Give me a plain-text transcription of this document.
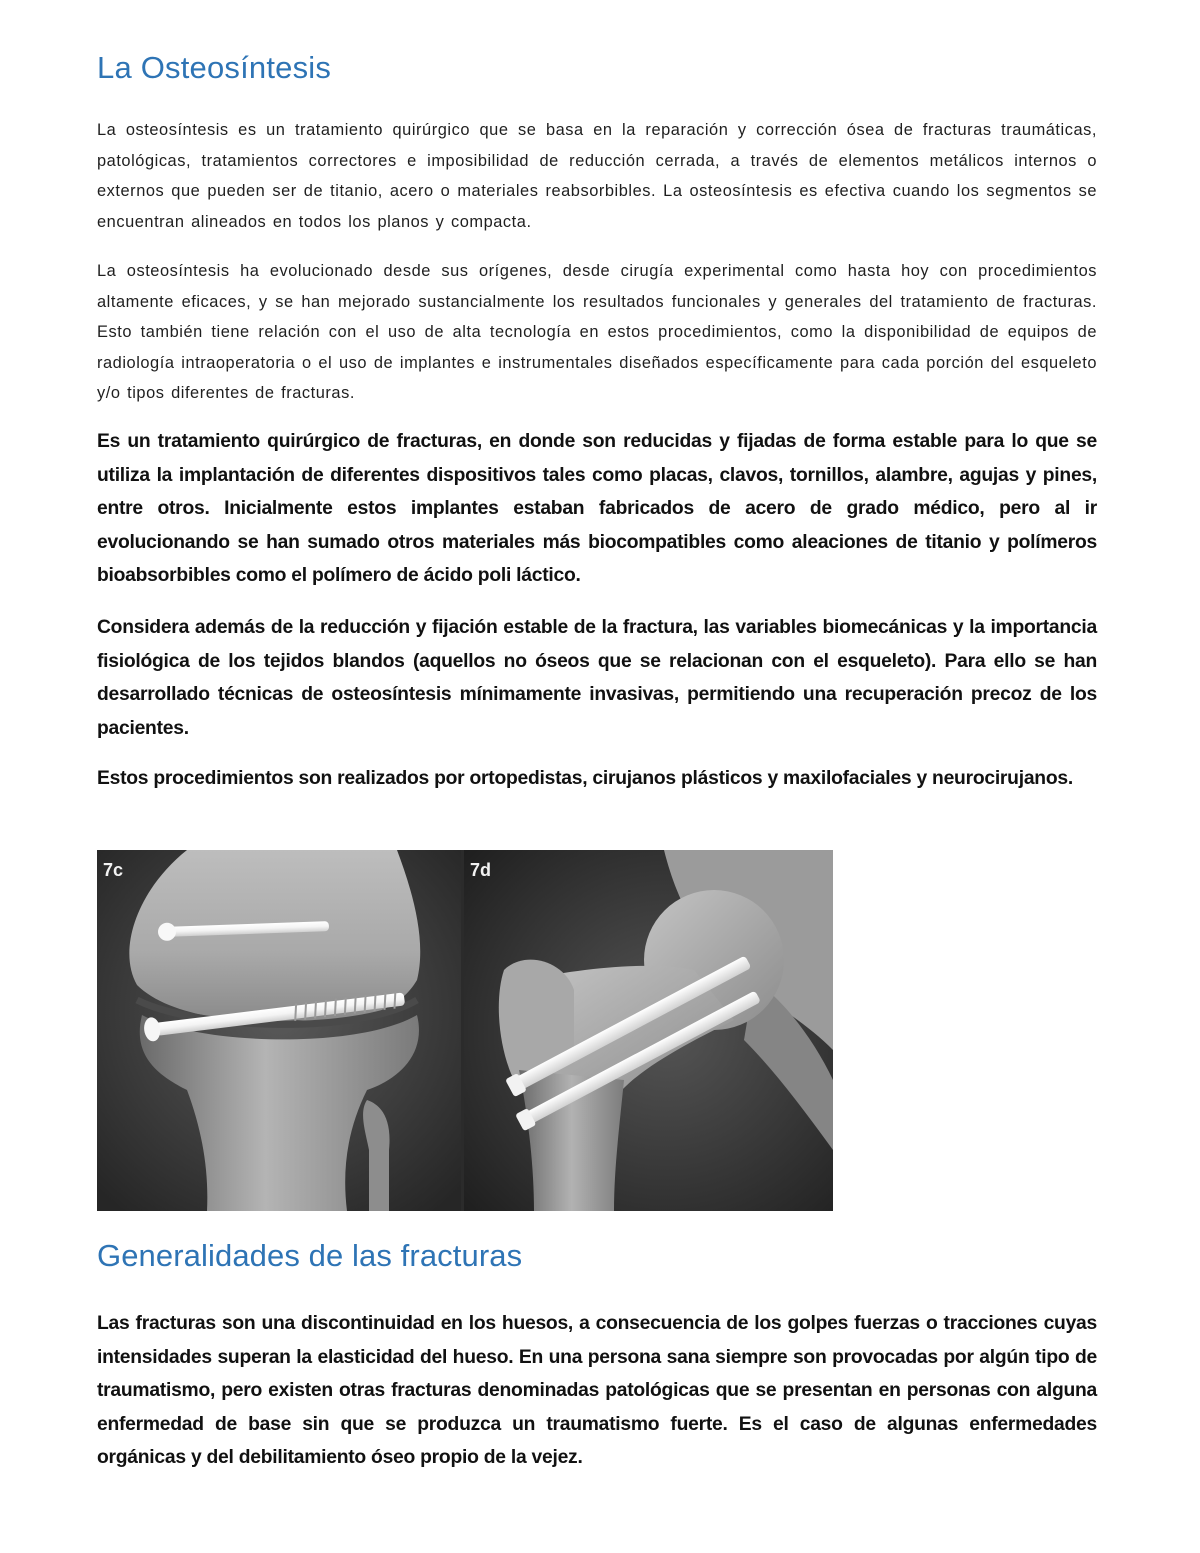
La Osteosíntesis

La osteosíntesis es un tratamiento quirúrgico que se basa en la reparación y corrección ósea de fracturas traumáticas, patológicas, tratamientos correctores e imposibilidad de reducción cerrada, a través de elementos metálicos internos o externos que pueden ser de titanio, acero o materiales reabsorbibles. La osteosíntesis es efectiva cuando los segmentos se encuentran alineados en todos los planos y compacta.

La osteosíntesis ha evolucionado desde sus orígenes, desde cirugía experimental como hasta hoy con procedimientos altamente eficaces, y se han mejorado sustancialmente los resultados funcionales y generales del tratamiento de fracturas. Esto también tiene relación con el uso de alta tecnología en estos procedimientos, como la disponibilidad de equipos de radiología intraoperatoria o el uso de implantes e instrumentales diseñados específicamente para cada porción del esqueleto y/o tipos diferentes de fracturas.

Es un tratamiento quirúrgico de fracturas, en donde son reducidas y fijadas de forma estable para lo que se utiliza la implantación de diferentes dispositivos tales como placas, clavos, tornillos, alambre, agujas y pines, entre otros. Inicialmente estos implantes estaban fabricados de acero de grado médico, pero al ir evolucionando se han sumado otros materiales más biocompatibles como aleaciones de titanio y polímeros bioabsorbibles como el polímero de ácido poli láctico.

Considera además de la reducción y fijación estable de la fractura, las variables biomecánicas y la importancia fisiológica de los tejidos blandos (aquellos no óseos que se relacionan con el esqueleto). Para ello se han desarrollado técnicas de osteosíntesis mínimamente invasivas, permitiendo una recuperación precoz de los pacientes.

Estos procedimientos son realizados por ortopedistas, cirujanos plásticos y maxilofaciales y neurocirujanos.

7c	7d
Generalidades de las fracturas

Las fracturas son una discontinuidad en los huesos, a consecuencia de los golpes fuerzas o tracciones cuyas intensidades superan la elasticidad del hueso. En una persona sana siempre son provocadas por algún tipo de traumatismo, pero existen otras fracturas denominadas patológicas que se presentan en personas con alguna enfermedad de base sin que se produzca un traumatismo fuerte. Es el caso de algunas enfermedades orgánicas y del debilitamiento óseo propio de la vejez.
